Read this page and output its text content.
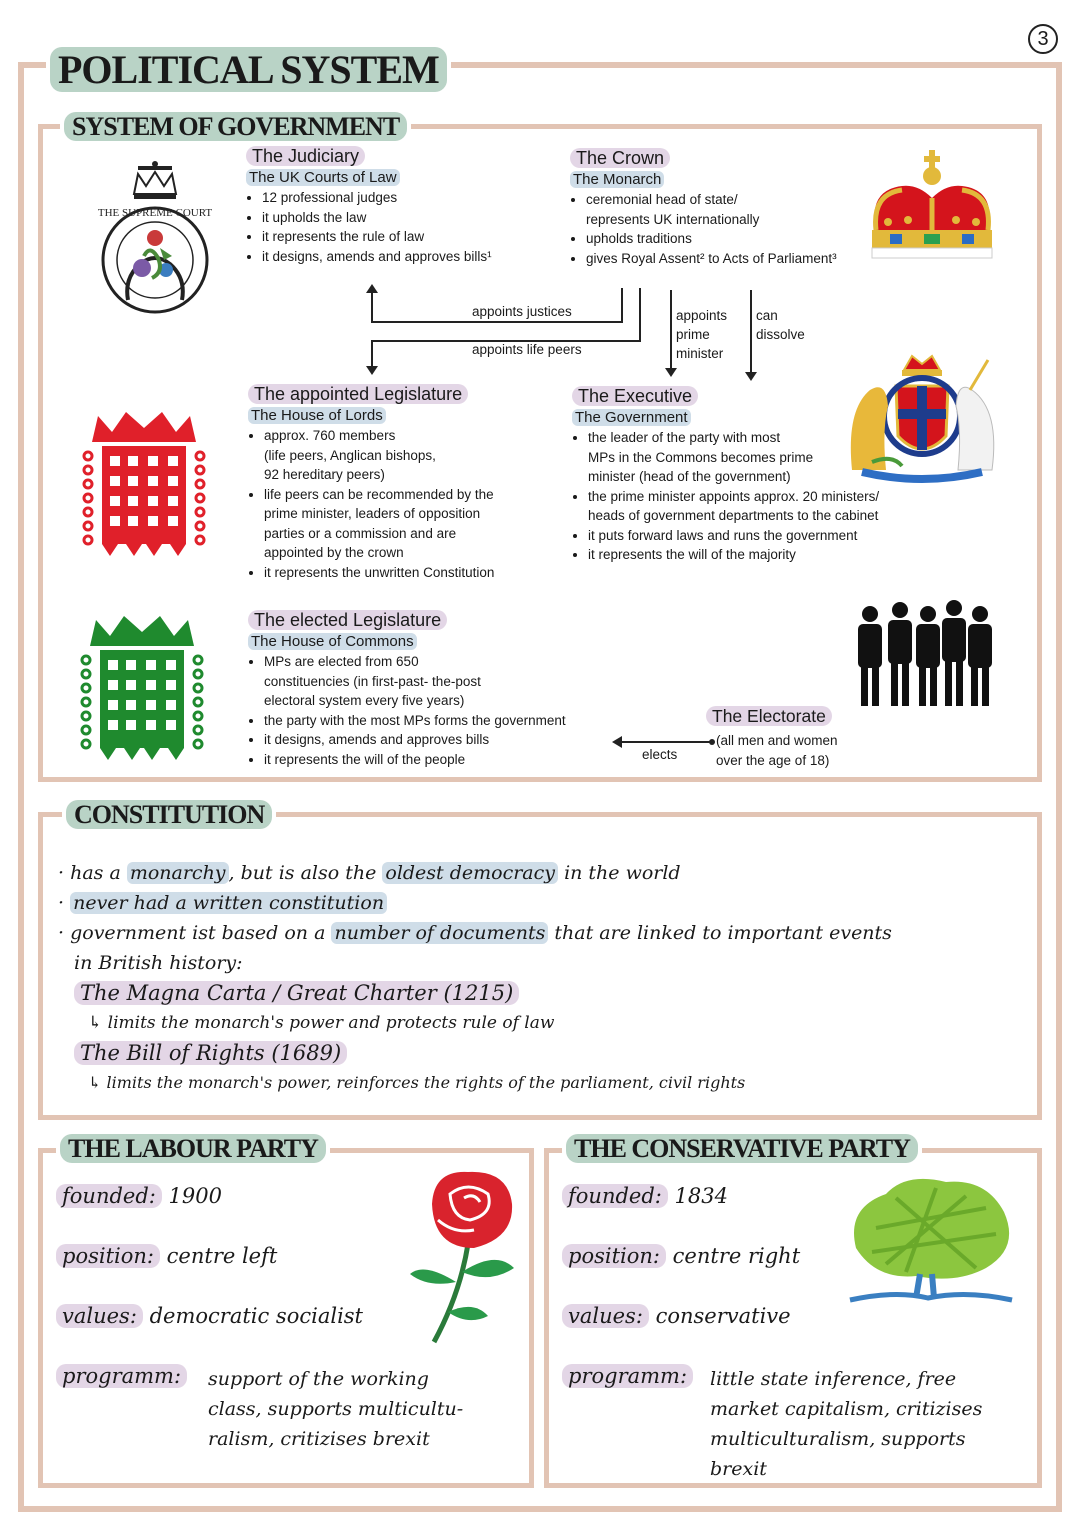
3
POLITICAL SYSTEM
SYSTEM OF GOVERNMENT
THE SUPREME COURT
The Judiciary
The UK Courts of Law
• 12 professional judges
• it upholds the law
• it represents the rule of law
• it designs, amends and approves bills¹
The Crown
The Monarch
• ceremonial head of state/
represents UK internationally
• upholds traditions
• gives Royal Assent² to Acts of Parliament³
appoints justices
appoints life peers
appoints prime minister
can dissolve
The appointed Legislature
The House of Lords
• approx. 760 members
(life peers, Anglican bishops,
92 hereditary peers)
• life peers can be recommended by the
prime minister, leaders of opposition
parties or a commission and are
appointed by the crown
• it represents the unwritten Constitution
The Executive
The Government
• the leader of the party with most
MPs in the Commons becomes prime
minister (head of the government)
• the prime minister appoints approx. 20 ministers/
heads of government departments to the cabinet
• it puts forward laws and runs the government
• it represents the will of the majority
The elected Legislature
The House of Commons
• MPs are elected from 650
constituencies (in first-past- the-post
electoral system every five years)
• the party with the most MPs forms the government
• it designs, amends and approves bills
• it represents the will of the people
The Electorate
(all men and women
over the age of 18)
elects
CONSTITUTION
· has a monarchy , but is also the oldest democracy in the world
· never had a written constitution
· government ist based on a number of documents that are linked to important events
in British history:
The Magna Carta / Great Charter (1215)
↳ limits the monarch's power and protects rule of law
The Bill of Rights (1689)
↳ limits the monarch's power, reinforces the rights of the parliament, civil rights
THE LABOUR PARTY
founded: 1900
position: centre left
values: democratic socialist
programm:	support of the working
class, supports multicultu-
ralism, critizises brexit
THE CONSERVATIVE PARTY
founded: 1834
position: centre right
values: conservative
programm:	little state inference, free
market capitalism, critizises
multiculturalism, supports
brexit
